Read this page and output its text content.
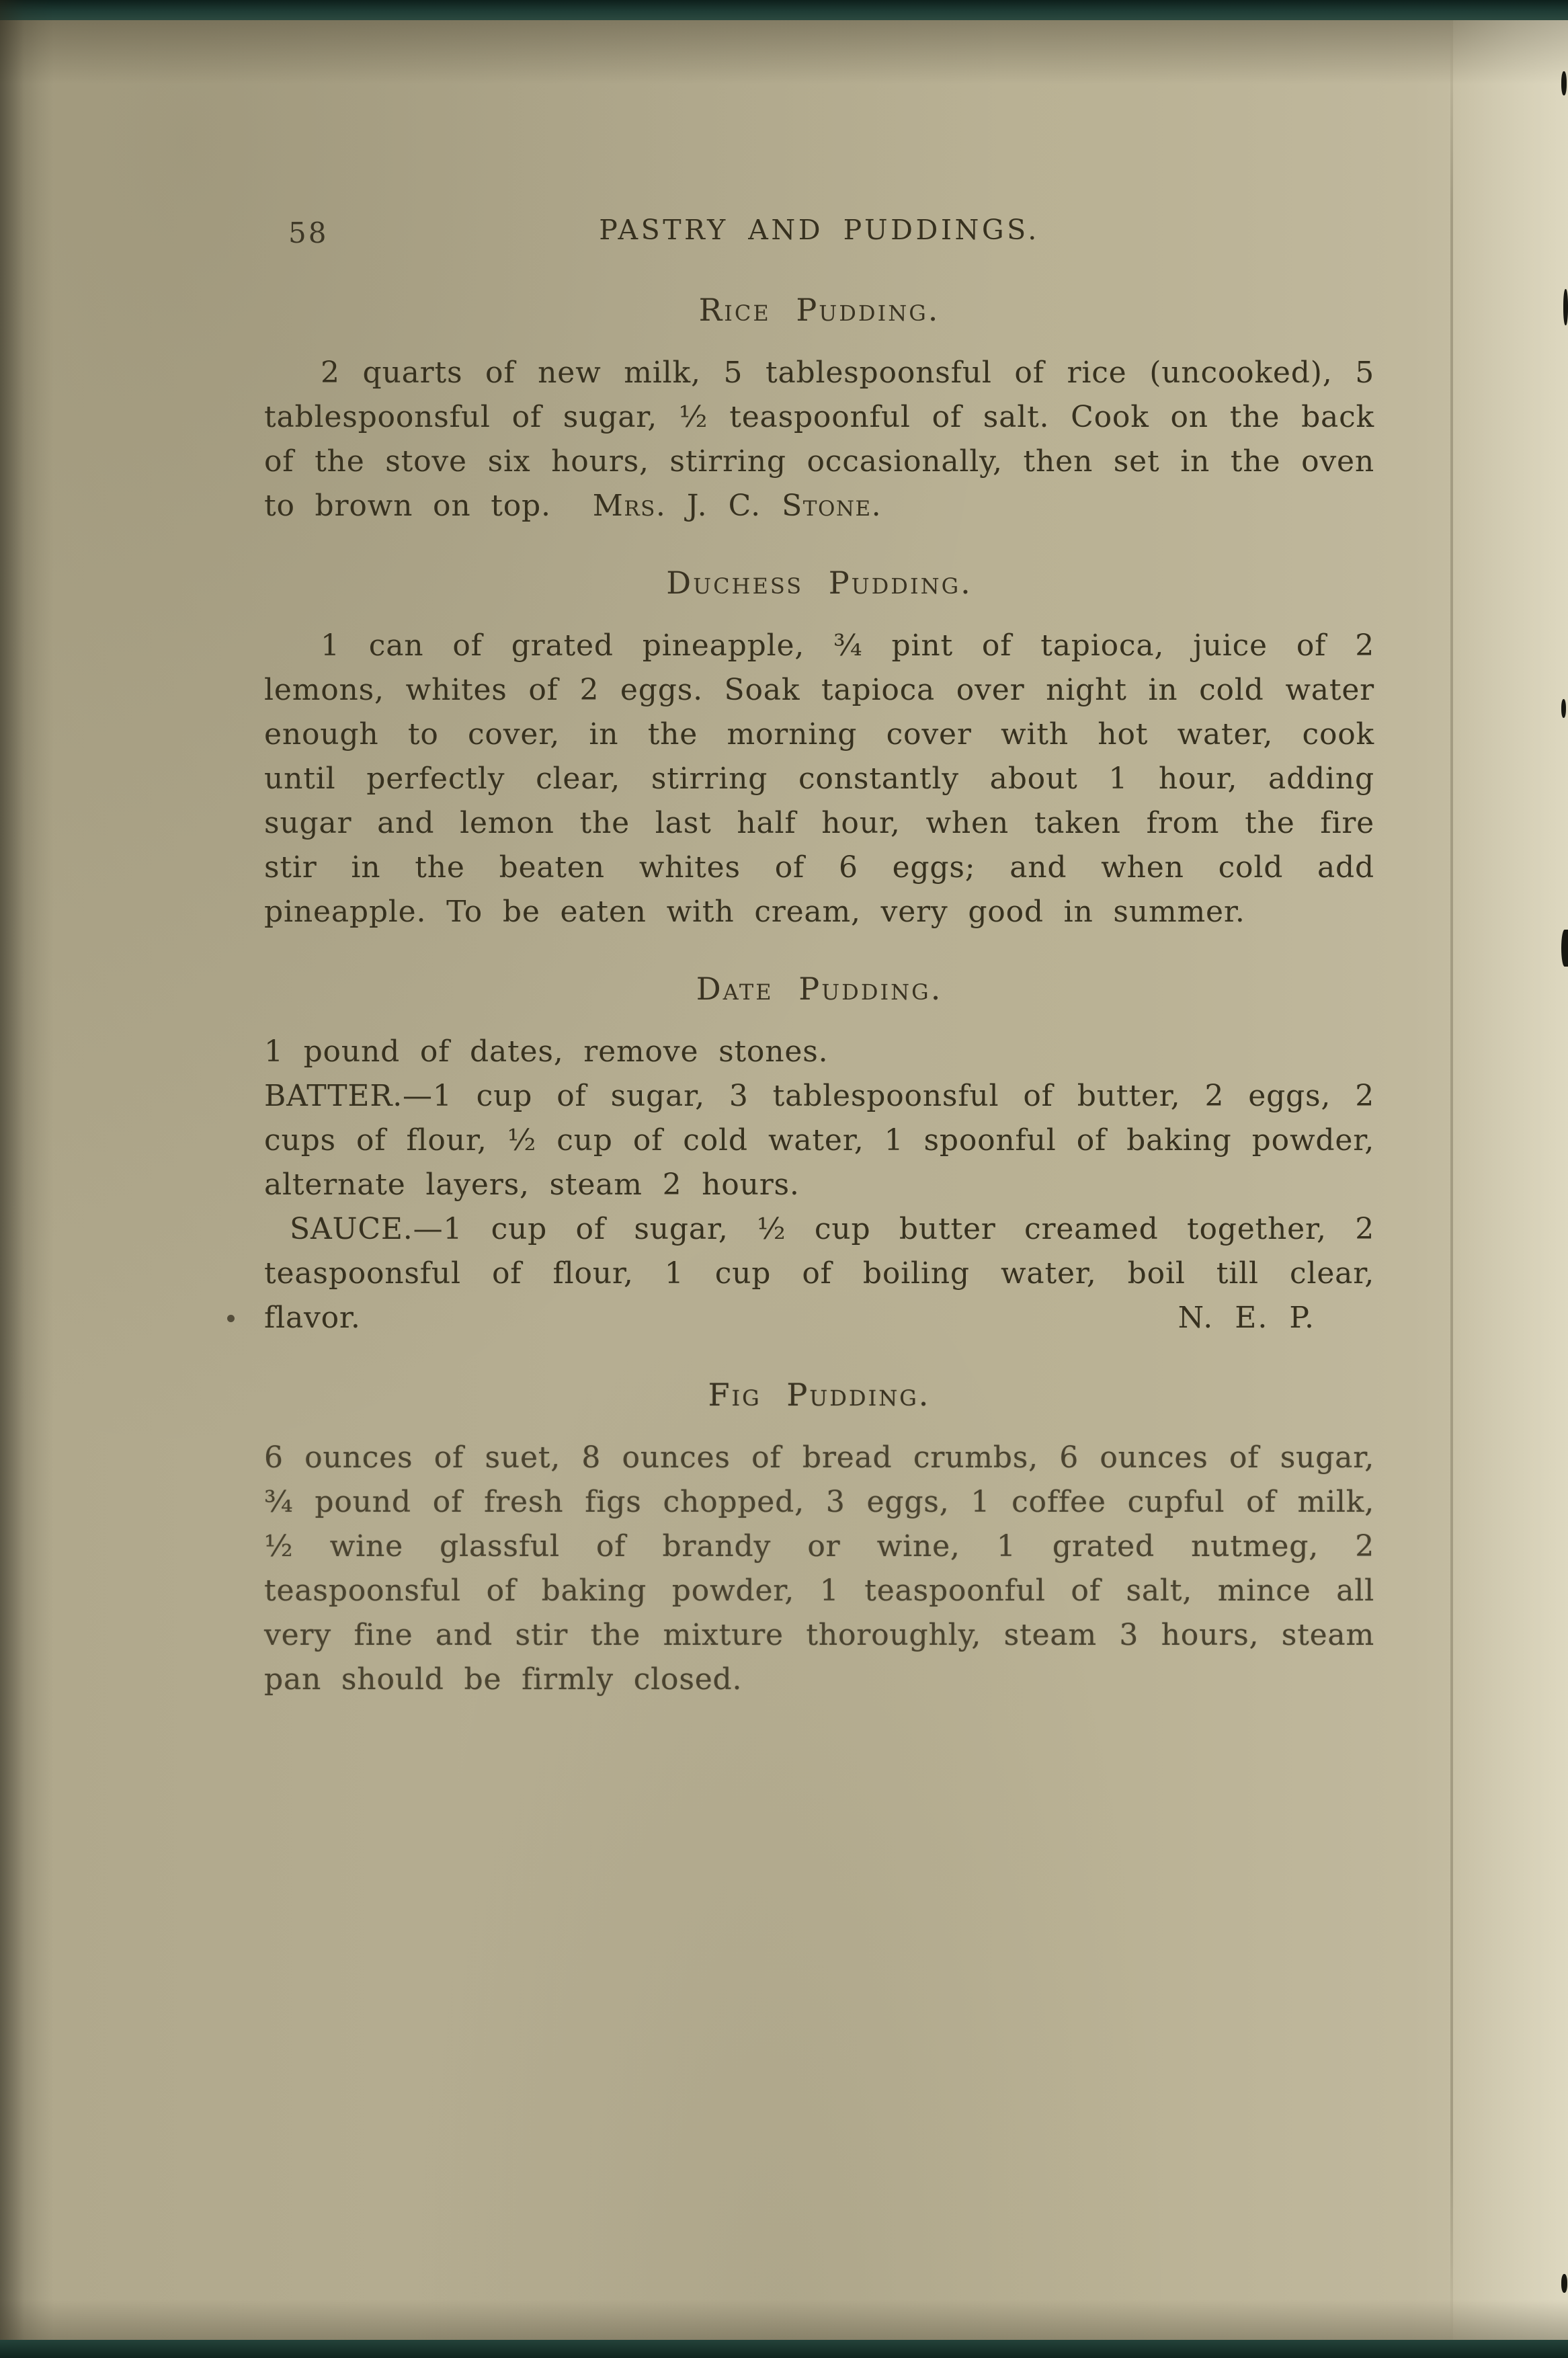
58	PASTRY AND PUDDINGS.
Rice Pudding.

2 quarts of new milk, 5 tablespoonsful of rice (uncooked), 5 tablespoonsful of sugar, ½ teaspoonful of salt. Cook on the back of the stove six hours, stirring occasionally, then set in the oven to brown on top. Mrs. J. C. Stone.

Duchess Pudding.

1 can of grated pineapple, ¾ pint of tapioca, juice of 2 lemons, whites of 2 eggs. Soak tapioca over night in cold water enough to cover, in the morning cover with hot water, cook until perfectly clear, stirring constantly about 1 hour, adding sugar and lemon the last half hour, when taken from the fire stir in the beaten whites of 6 eggs; and when cold add pineapple. To be eaten with cream, very good in summer.

Date Pudding.

1 pound of dates, remove stones.

BATTER.—1 cup of sugar, 3 tablespoonsful of butter, 2 eggs, 2 cups of flour, ½ cup of cold water, 1 spoonful of baking powder, alternate layers, steam 2 hours.

SAUCE.—1 cup of sugar, ½ cup butter creamed together, 2 teaspoonsful of flour, 1 cup of boiling water, boil till clear, flavor.	N. E. P.

Fig Pudding.

6 ounces of suet, 8 ounces of bread crumbs, 6 ounces of sugar, ¾ pound of fresh figs chopped, 3 eggs, 1 coffee cupful of milk, ½ wine glassful of brandy or wine, 1 grated nutmeg, 2 teaspoonsful of baking powder, 1 teaspoonful of salt, mince all very fine and stir the mixture thoroughly, steam 3 hours, steam pan should be firmly closed.
